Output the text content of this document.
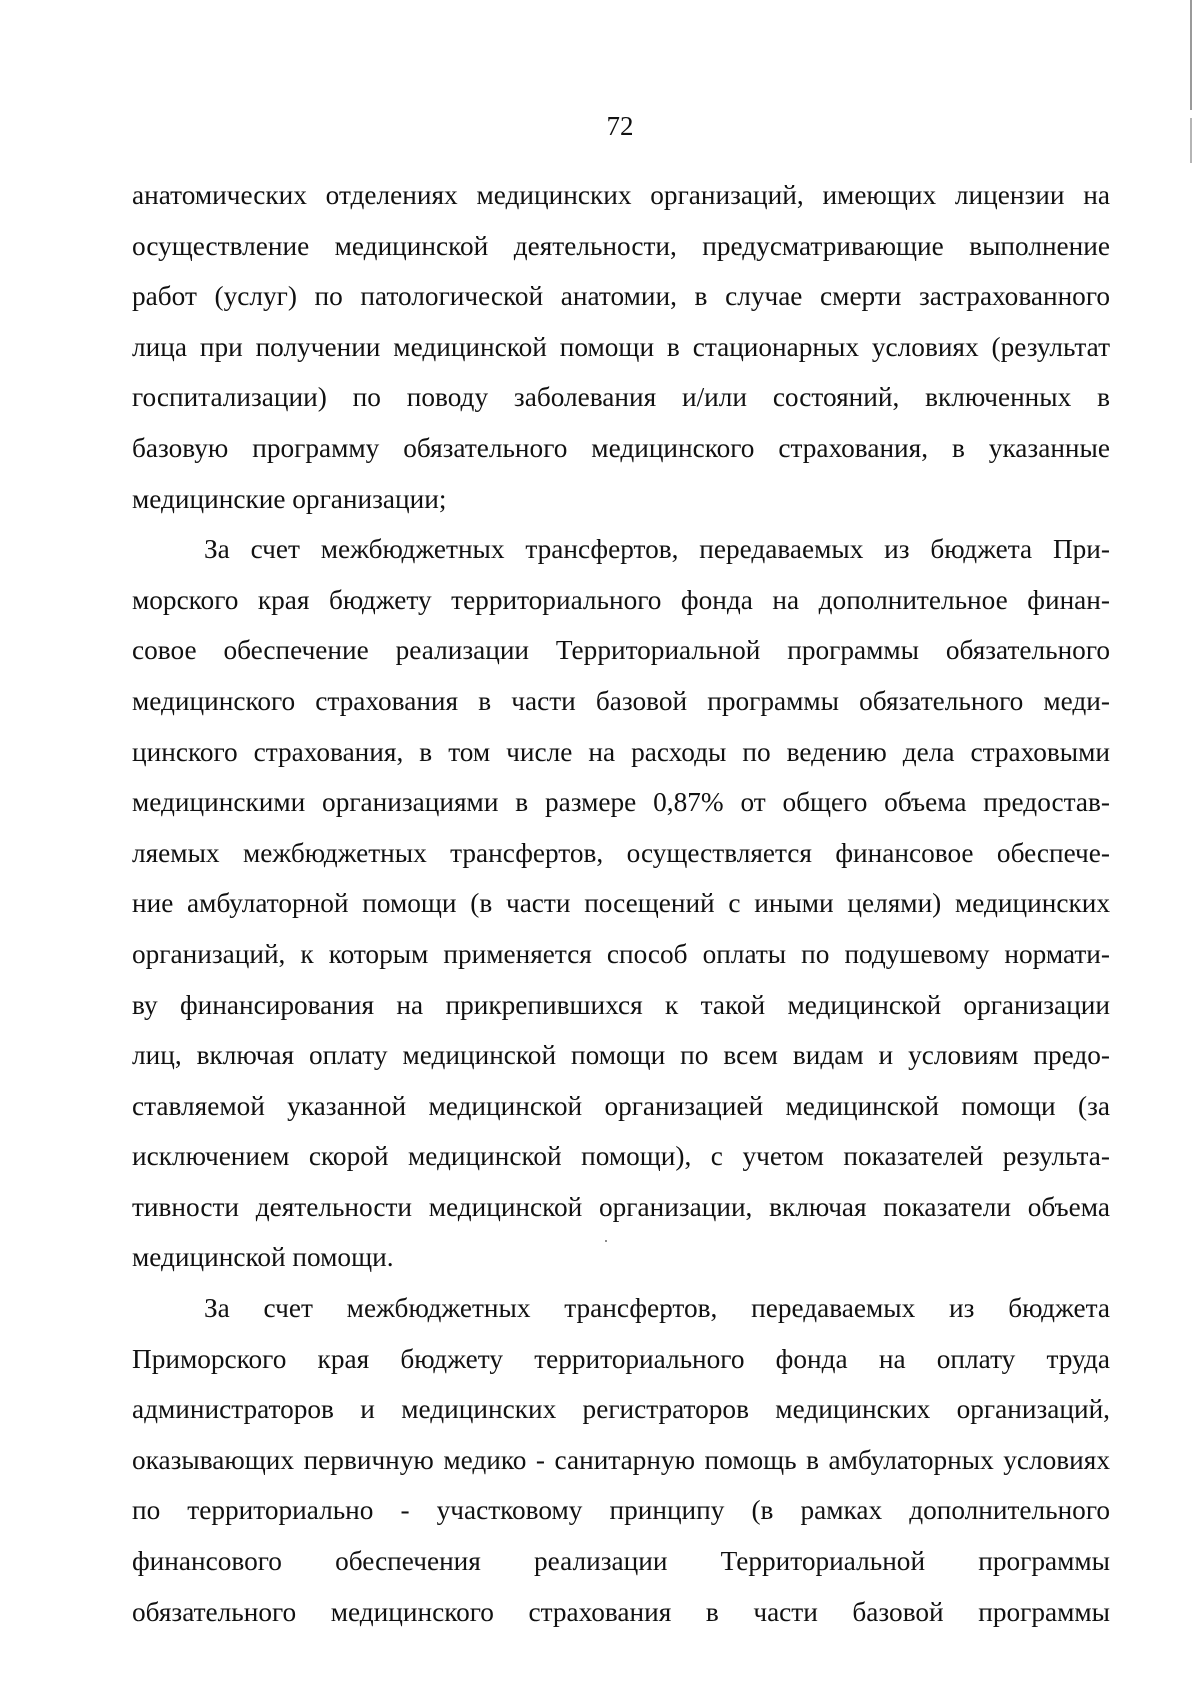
72
анатомических отделениях медицинских организаций, имеющих лицензии на
осуществление медицинской деятельности, предусматривающие выполнение
работ (услуг) по патологической анатомии, в случае смерти застрахованного
лица при получении медицинской помощи в стационарных условиях (результат
госпитализации) по поводу заболевания и/или состояний, включенных в
базовую программу обязательного медицинского страхования, в указанные
медицинские организации;
За счет межбюджетных трансфертов, передаваемых из бюджета При-
морского края бюджету территориального фонда на дополнительное финан-
совое обеспечение реализации Территориальной программы обязательного
медицинского страхования в части базовой программы обязательного меди-
цинского страхования, в том числе на расходы по ведению дела страховыми
медицинскими организациями в размере 0,87% от общего объема предостав-
ляемых межбюджетных трансфертов, осуществляется финансовое обеспече-
ние амбулаторной помощи (в части посещений с иными целями) медицинских
организаций, к которым применяется способ оплаты по подушевому нормати-
ву финансирования на прикрепившихся к такой медицинской организации
лиц, включая оплату медицинской помощи по всем видам и условиям предо-
ставляемой указанной медицинской организацией медицинской помощи (за
исключением скорой медицинской помощи), с учетом показателей результа-
тивности деятельности медицинской организации, включая показатели объема
медицинской помощи.
За счет межбюджетных трансфертов, передаваемых из бюджета
Приморского края бюджету территориального фонда на оплату труда
администраторов и медицинских регистраторов медицинских организаций,
оказывающих первичную медико - санитарную помощь в амбулаторных условиях
по территориально - участковому принципу (в рамках дополнительного
финансового обеспечения реализации Территориальной программы
обязательного медицинского страхования в части базовой программы
